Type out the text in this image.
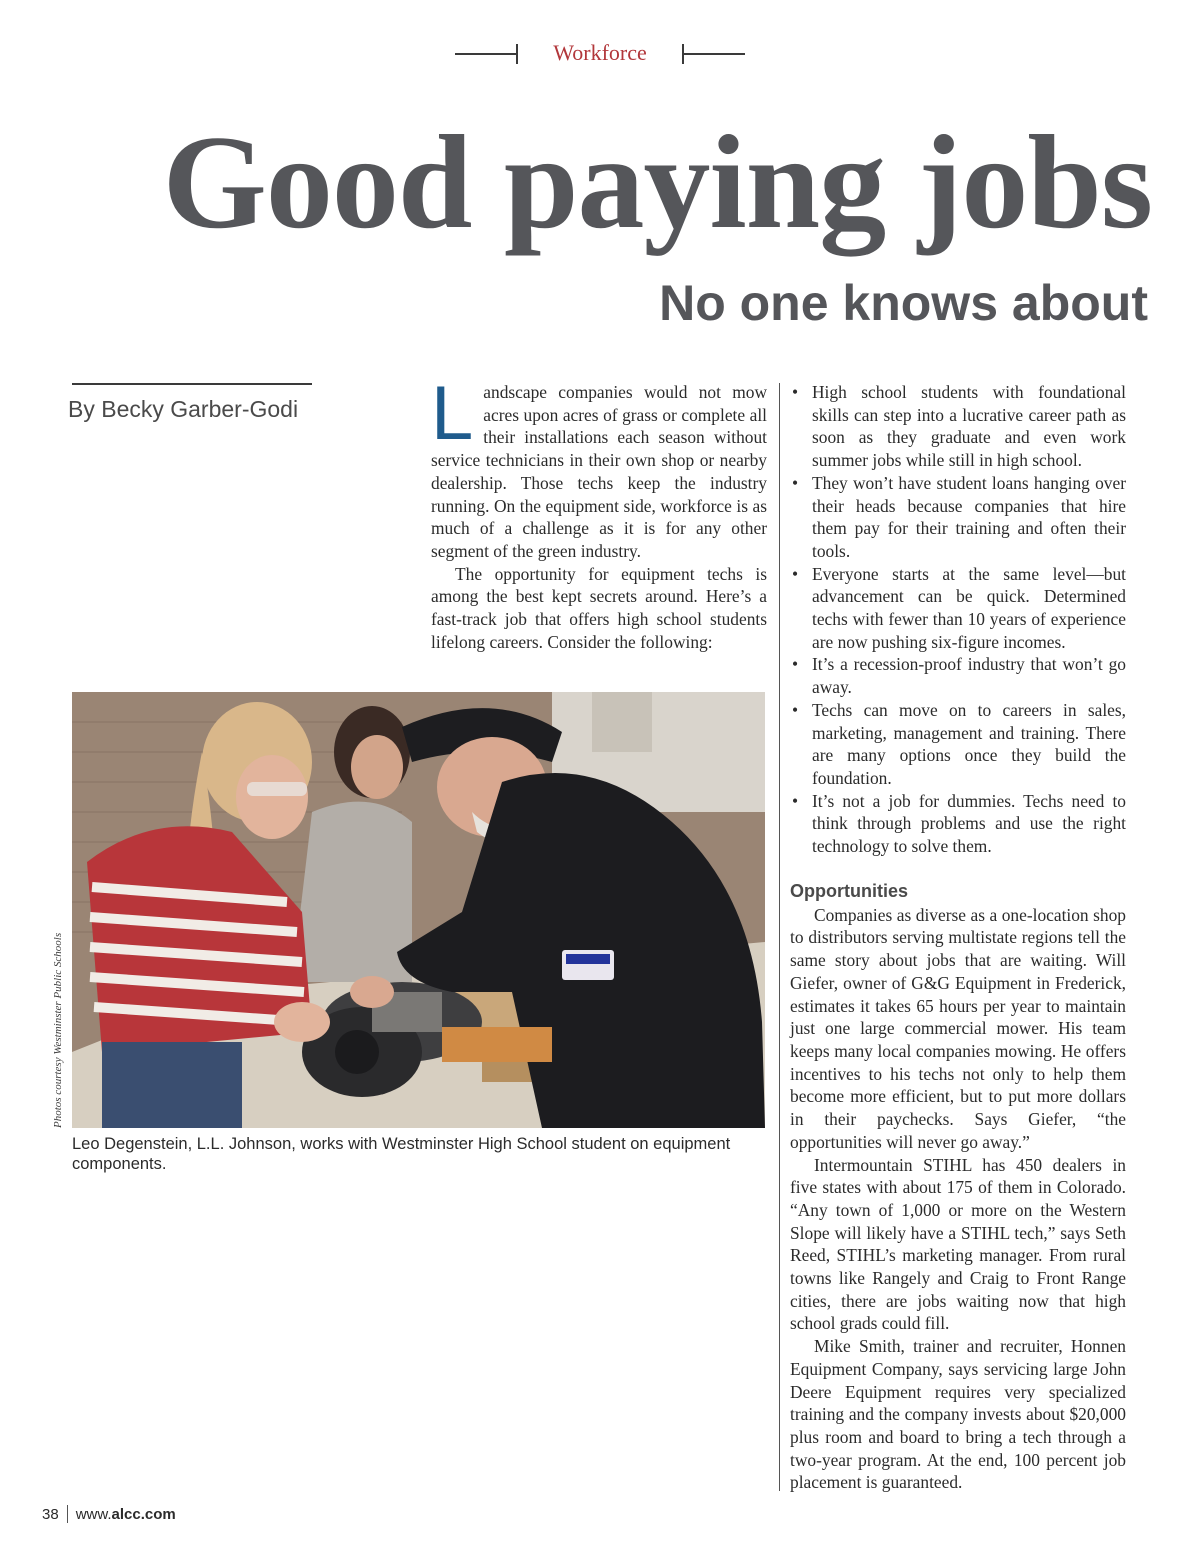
Workforce
Good paying jobs
No one knows about
By Becky Garber-Godi L andscape companies would not mow acres upon acres of grass or complete all their installations each season without service technicians in their own shop or nearby dealership. Those techs keep the industry running. On the equipment side, workforce is as much of a challenge as it is for any other segment of the green industry.

The opportunity for equipment techs is among the best kept secrets around. Here’s a fast-track job that offers high school students lifelong careers. Consider the following:

• High school students with foundational skills can step into a lucrative career path as soon as they graduate and even work summer jobs while still in high school.
• They won’t have student loans hanging over their heads because companies that hire them pay for their training and often their tools.
• Everyone starts at the same level—but advancement can be quick. Determined techs with fewer than 10 years of experience are now pushing six-figure incomes.
• It’s a recession-proof industry that won’t go away.
• Techs can move on to careers in sales, marketing, management and training. There are many options once they build the foundation.
• It’s not a job for dummies. Techs need to think through problems and use the right technology to solve them.
Opportunities

Companies as diverse as a one-location shop to distributors serving multistate regions tell the same story about jobs that are waiting. Will Giefer, owner of G&G Equipment in Frederick, estimates it takes 65 hours per year to maintain just one large commercial mower. His team keeps many local companies mowing. He offers incentives to his techs not only to help them become more efficient, but to put more dollars in their paychecks. Says Giefer, “the opportunities will never go away.”

Intermountain STIHL has 450 dealers in five states with about 175 of them in Colorado. “Any town of 1,000 or more on the Western Slope will likely have a STIHL tech,” says Seth Reed, STIHL’s marketing manager. From rural towns like Rangely and Craig to Front Range cities, there are jobs waiting now that high school grads could fill.

Mike Smith, trainer and recruiter, Honnen Equipment Company, says servicing large John Deere Equipment requires very specialized training and the company invests about $20,000 plus room and board to bring a tech through a two-year program. At the end, 100 percent job placement is guaranteed.

Photos courtesy Westminster Public Schools
Leo Degenstein, L.L. Johnson, works with Westminster High School student on equipment components.
38 www.alcc.com
